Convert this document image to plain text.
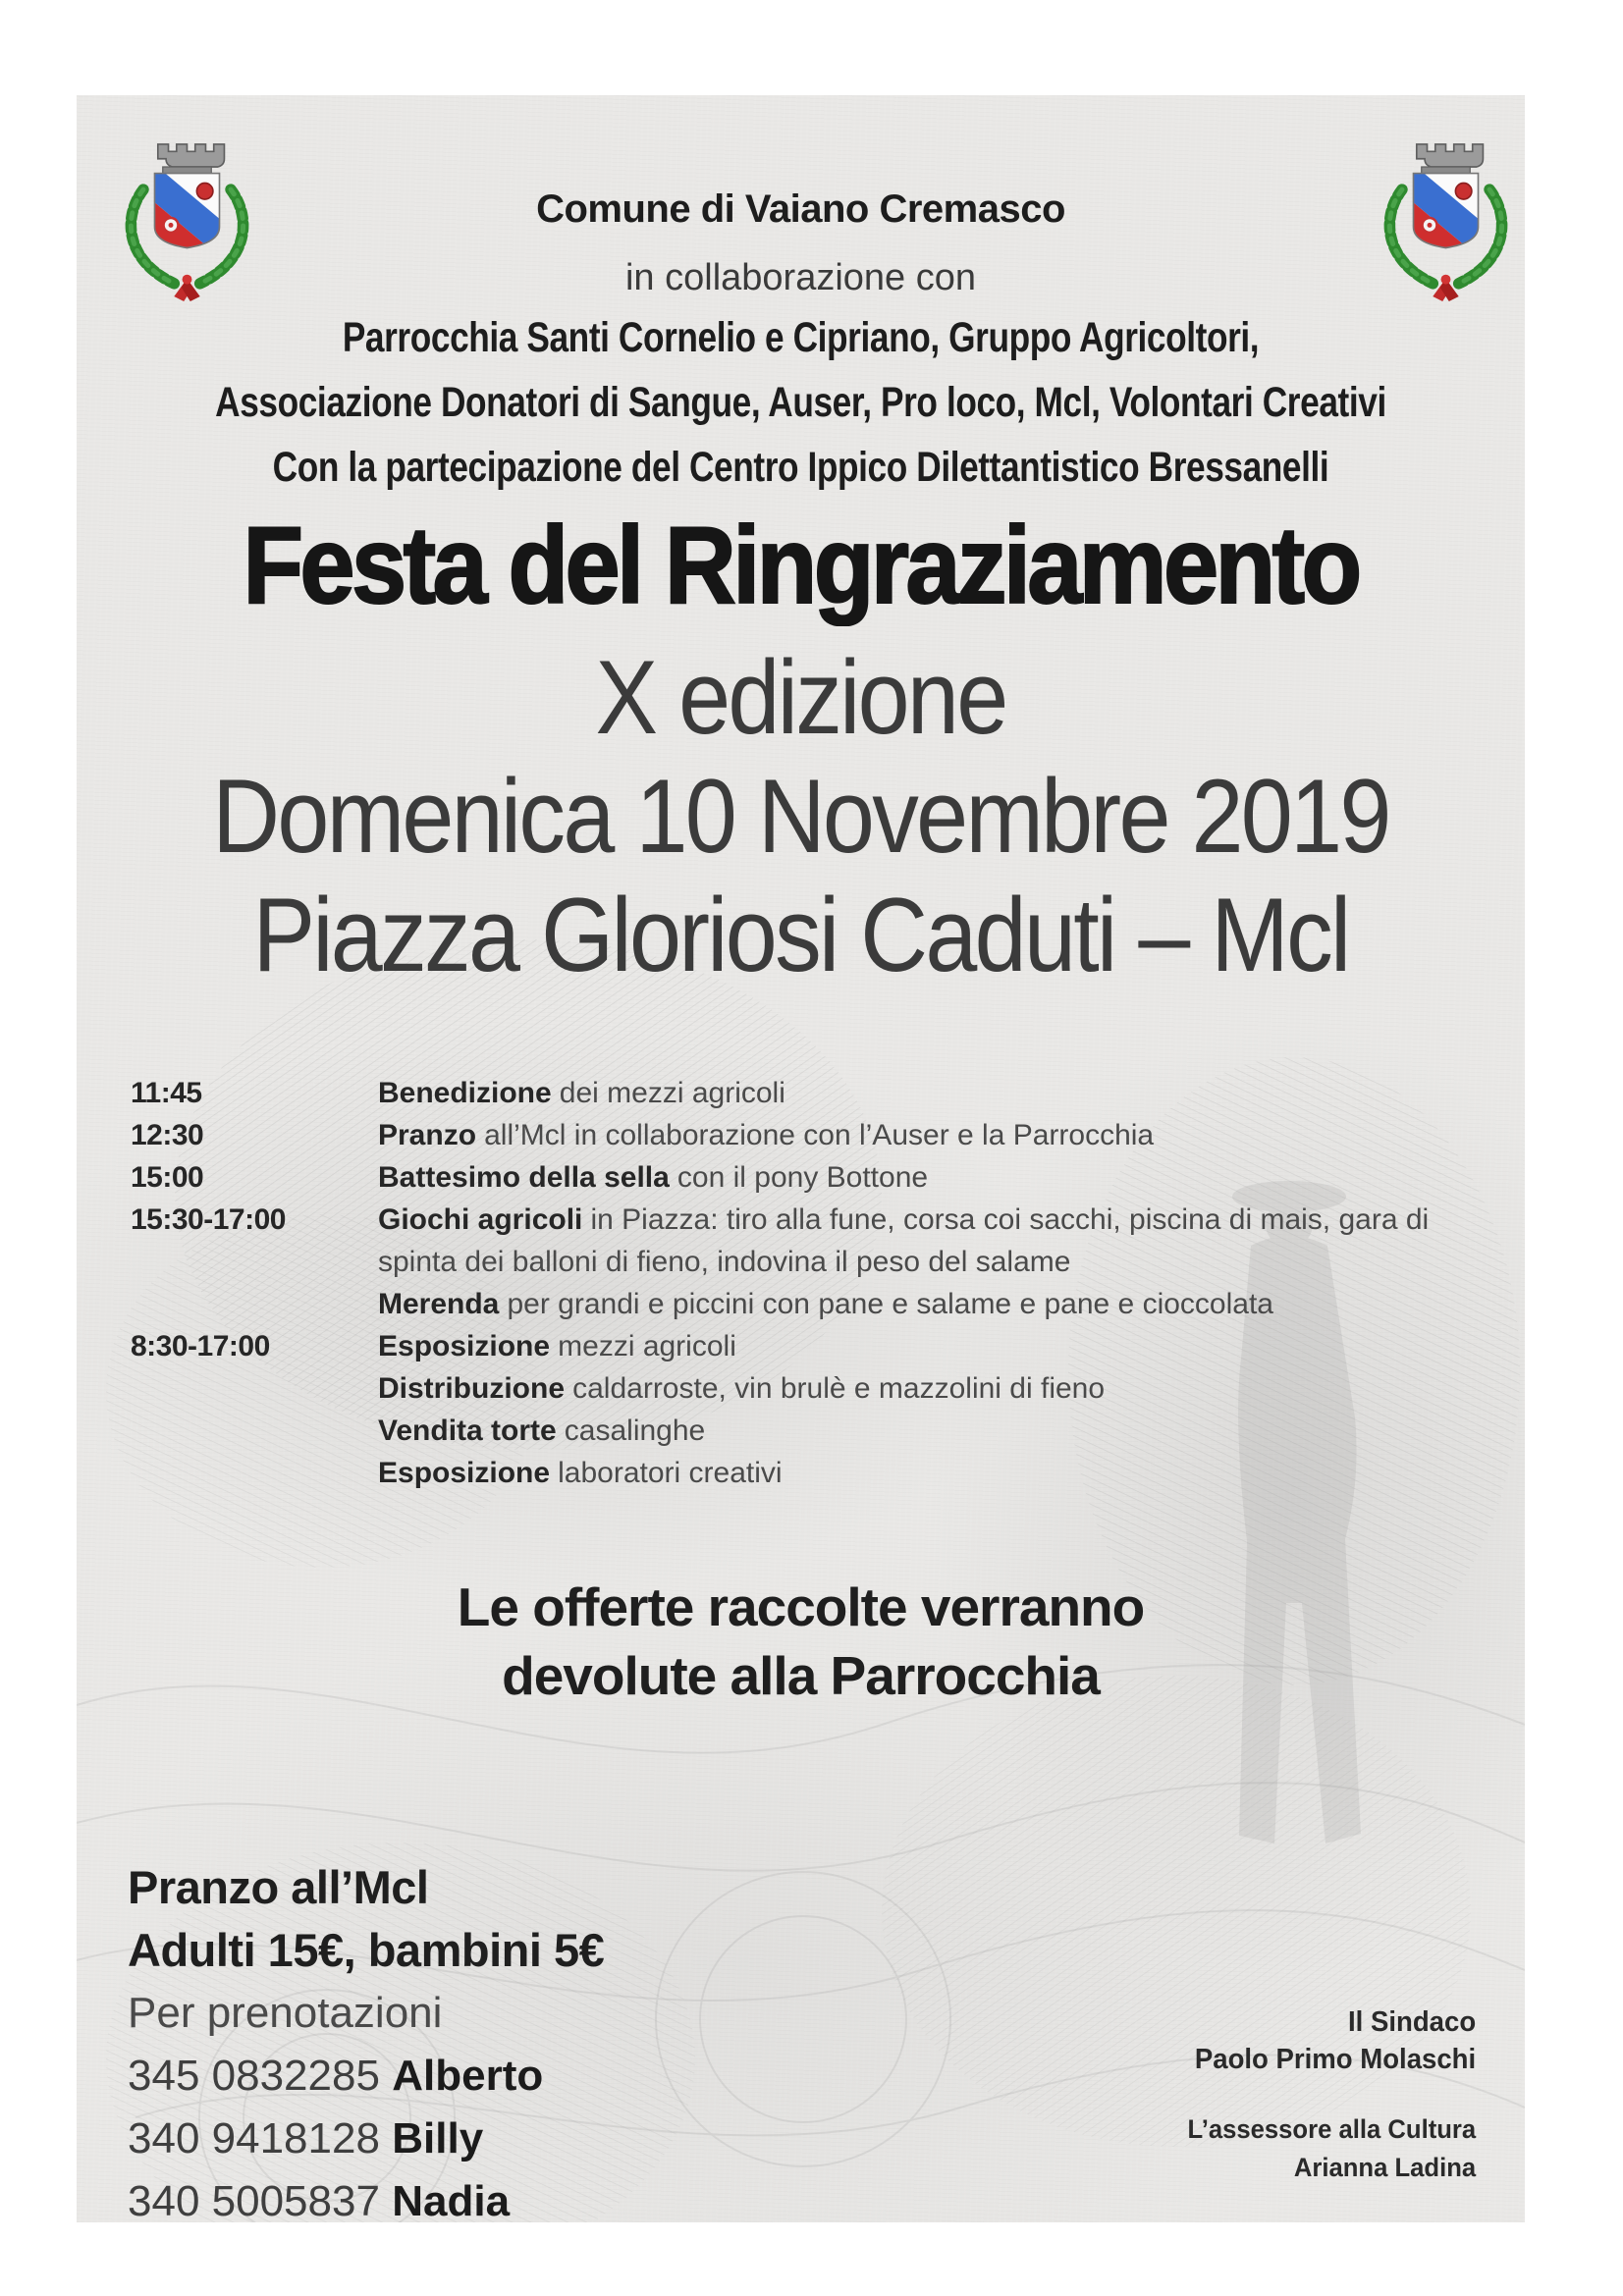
Comune di Vaiano Cremasco
in collaborazione con
Parrocchia Santi Cornelio e Cipriano, Gruppo Agricoltori,
Associazione Donatori di Sangue, Auser, Pro loco, Mcl, Volontari Creativi
Con la partecipazione del Centro Ippico Dilettantistico Bressanelli
Festa del Ringraziamento
X edizione
Domenica 10 Novembre 2019
Piazza Gloriosi Caduti – Mcl
11:45	Benedizione dei mezzi agricoli
12:30	Pranzo all’Mcl in collaborazione con l’Auser e la Parrocchia
15:00	Battesimo della sella con il pony Bottone
15:30-17:00	Giochi agricoli in Piazza: tiro alla fune, corsa coi sacchi, piscina di mais, gara di spinta dei balloni di fieno, indovina il peso del salame
Merenda per grandi e piccini con pane e salame e pane e cioccolata
8:30-17:00	Esposizione mezzi agricoli
Distribuzione caldarroste, vin brulè e mazzolini di fieno
Vendita torte casalinghe
Esposizione laboratori creativi
Le offerte raccolte verranno
devolute alla Parrocchia
Pranzo all’Mcl
Adulti 15€, bambini 5€
Per prenotazioni
345 0832285 Alberto
340 9418128 Billy
340 5005837 Nadia
Il Sindaco
Paolo Primo Molaschi
L’assessore alla Cultura
Arianna Ladina
